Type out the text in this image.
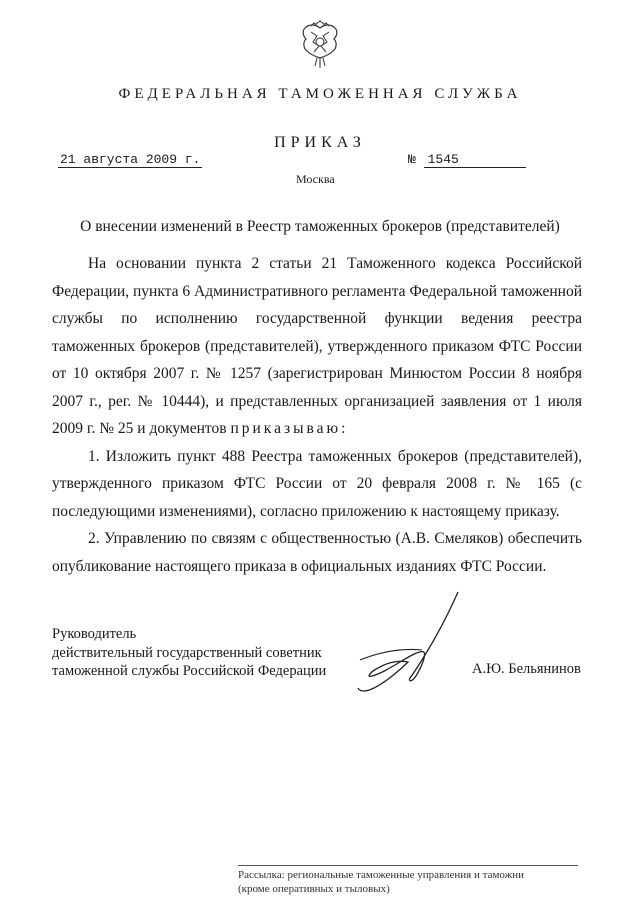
ФЕДЕРАЛЬНАЯ ТАМОЖЕННАЯ СЛУЖБА
ПРИКАЗ
21 августа 2009 г.	№ 1545
Москва
О внесении изменений в Реестр таможенных брокеров (представителей)

На основании пункта 2 статьи 21 Таможенного кодекса Российской Федерации, пункта 6 Административного регламента Федеральной таможенной службы по исполнению государственной функции ведения реестра таможенных брокеров (представителей), утвержденного приказом ФТС России от 10 октября 2007 г. № 1257 (зарегистрирован Минюстом России 8 ноября 2007 г., рег. № 10444), и представленных организацией заявления от 1 июля 2009 г. № 25 и документов приказываю:

1. Изложить пункт 488 Реестра таможенных брокеров (представителей), утвержденного приказом ФТС России от 20 февраля 2008 г. № 165 (с последующими изменениями), согласно приложению к настоящему приказу.

2. Управлению по связям с общественностью (А.В. Смеляков) обеспечить опубликование настоящего приказа в официальных изданиях ФТС России.

Руководитель
действительный государственный советник
таможенной службы Российской Федерации	А.Ю. Бельянинов
Рассылка: региональные таможенные управления и таможни
(кроме оперативных и тыловых)
